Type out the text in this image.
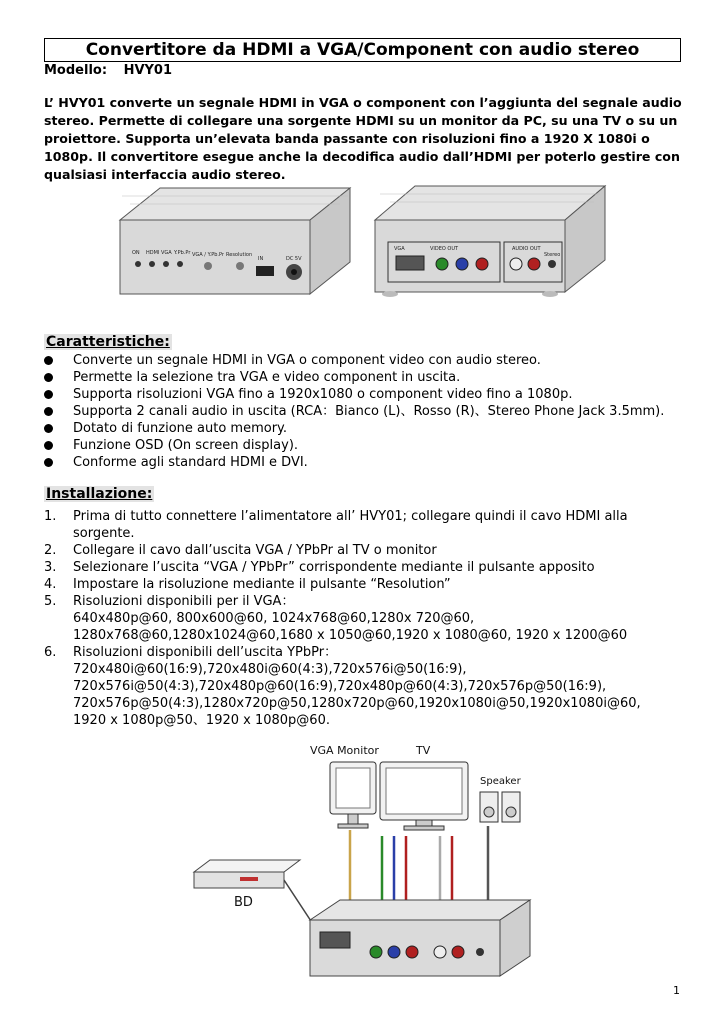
Convertitore da HDMI a VGA/Component con audio stereo
Modello: HVY01
L’ HVY01 converte un segnale HDMI in VGA o component con l’aggiunta del segnale audio stereo. Permette di collegare una sorgente HDMI su un monitor da PC, su una TV o su un proiettore. Supporta un’elevata banda passante con risoluzioni fino a 1920 X 1080i o 1080p. Il convertitore esegue anche la decodifica audio dall’HDMI per poterlo gestire con qualsiasi interfaccia audio stereo.
ON HDMI VGA Y.Pb.Pr VGA / Y.Pb.Pr Resolution
IN	DC 5V
VGA	VIDEO OUT	AUDIO OUT
Stereo
Caratteristiche:
Converte un segnale HDMI in VGA o component video con audio stereo.
Permette la selezione tra VGA e video component in uscita.
Supporta risoluzioni VGA fino a 1920x1080 o component video fino a 1080p.
Supporta 2 canali audio in uscita (RCA：Bianco (L)、Rosso (R)、Stereo Phone Jack 3.5mm).
Dotato di funzione auto memory.
Funzione OSD (On screen display).
Conforme agli standard HDMI e DVI.
Installazione:
1. Prima di tutto connettere l’alimentatore all’ HVY01; collegare quindi il cavo HDMI alla
sorgente.
2. Collegare il cavo dall’uscita VGA / YPbPr al TV o monitor
3. Selezionare l’uscita “VGA / YPbPr” corrispondente mediante il pulsante apposito
4. Impostare la risoluzione mediante il pulsante “Resolution”
5. Risoluzioni disponibili per il VGA：
640x480p@60, 800x600@60, 1024x768@60,1280x 720@60,
1280x768@60,1280x1024@60,1680 x 1050@60,1920 x 1080@60, 1920 x 1200@60
6. Risoluzioni disponibili dell’uscita YPbPr：
720x480i@60(16:9),720x480i@60(4:3),720x576i@50(16:9),
720x576i@50(4:3),720x480p@60(16:9),720x480p@60(4:3),720x576p@50(16:9),
720x576p@50(4:3),1280x720p@50,1280x720p@60,1920x1080i@50,1920x1080i@60,
1920 x 1080p@50、1920 x 1080p@60.
VGA Monitor	TV
Speaker
BD
1
